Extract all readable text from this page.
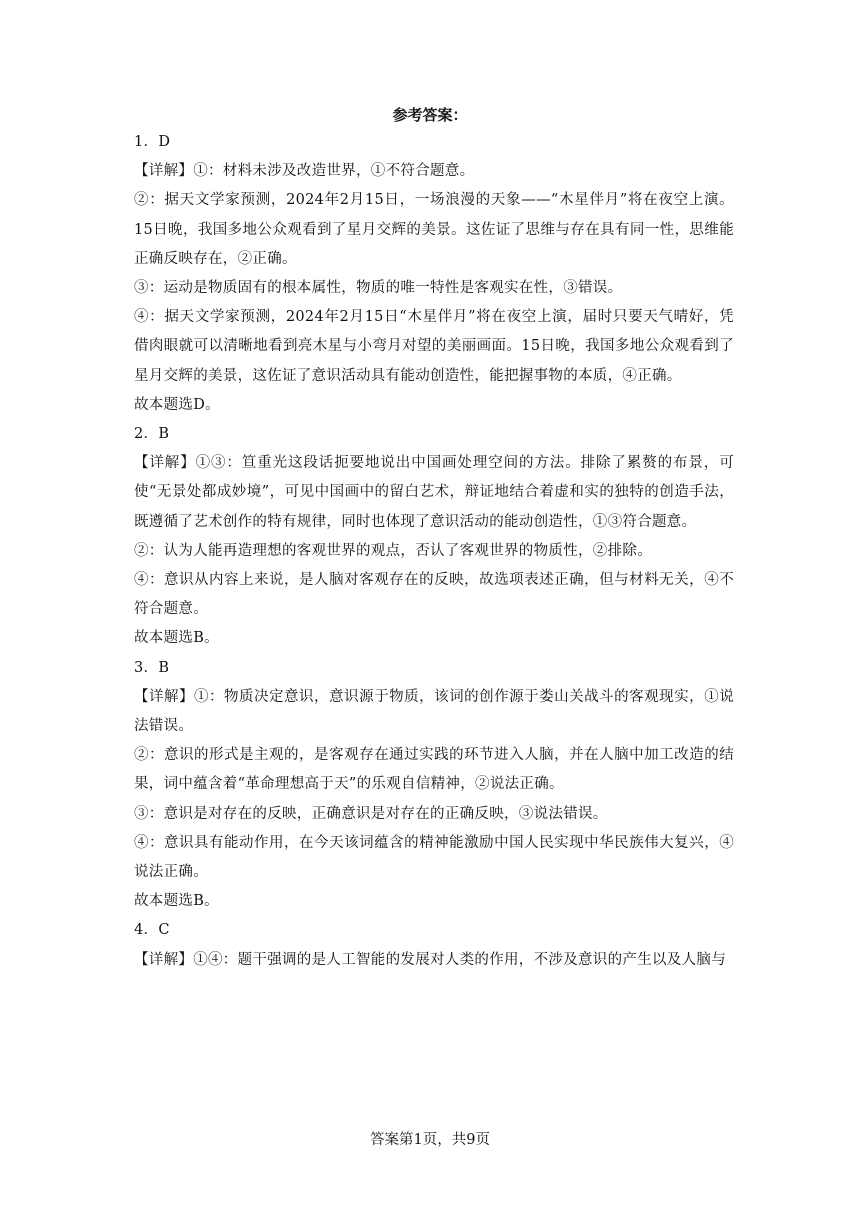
参考答案：

1．D

【详解】①：材料未涉及改造世界，①不符合题意。

②：据天文学家预测，2024年2月15日，一场浪漫的天象——“木星伴月”将在夜空上演。15日晚，我国多地公众观看到了星月交辉的美景。这佐证了思维与存在具有同一性，思维能正确反映存在，②正确。

③：运动是物质固有的根本属性，物质的唯一特性是客观实在性，③错误。

④：据天文学家预测，2024年2月15日“木星伴月”将在夜空上演，届时只要天气晴好，凭借肉眼就可以清晰地看到亮木星与小弯月对望的美丽画面。15日晚，我国多地公众观看到了星月交辉的美景，这佐证了意识活动具有能动创造性，能把握事物的本质，④正确。

故本题选D。

2．B

【详解】①③：笪重光这段话扼要地说出中国画处理空间的方法。排除了累赘的布景，可使“无景处都成妙境”，可见中国画中的留白艺术，辩证地结合着虚和实的独特的创造手法，既遵循了艺术创作的特有规律，同时也体现了意识活动的能动创造性，①③符合题意。

②：认为人能再造理想的客观世界的观点，否认了客观世界的物质性，②排除。

④：意识从内容上来说，是人脑对客观存在的反映，故选项表述正确，但与材料无关，④不符合题意。

故本题选B。

3．B

【详解】①：物质决定意识，意识源于物质，该词的创作源于娄山关战斗的客观现实，①说法错误。

②：意识的形式是主观的，是客观存在通过实践的环节进入人脑，并在人脑中加工改造的结果，词中蕴含着“革命理想高于天”的乐观自信精神，②说法正确。

③：意识是对存在的反映，正确意识是对存在的正确反映，③说法错误。

④：意识具有能动作用，在今天该词蕴含的精神能激励中国人民实现中华民族伟大复兴，④说法正确。

故本题选B。

4．C

【详解】①④：题干强调的是人工智能的发展对人类的作用，不涉及意识的产生以及人脑与

答案第1页，共9页
